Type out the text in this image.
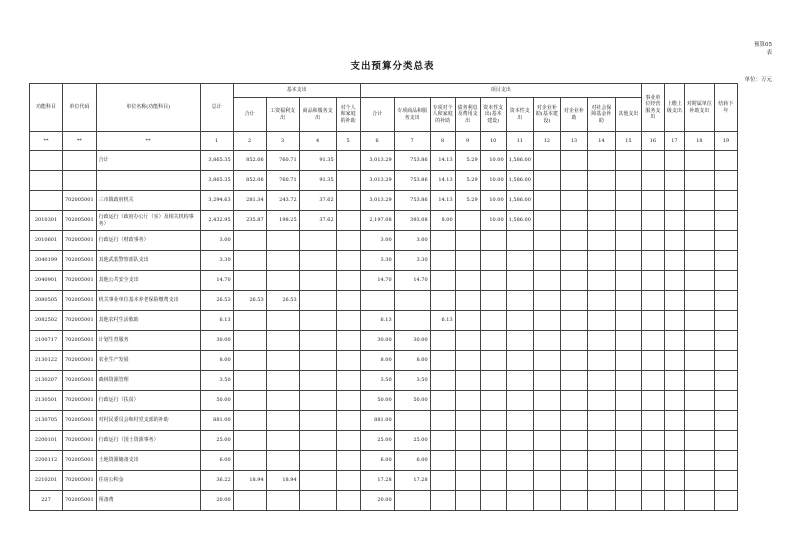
预算05
表
支出预算分类总表
单位：万元
功能科目	单位代码	单位名称(功能科目)	总计	基本支出				项目支出										事业单位经营服务支出	上缴上级支出	对附属单位补助支出	结转下年
				合计	工资福利支出	商品和服务支出	对个人和家庭的补助	合计	专项商品和服务支出	专项对个人和家庭的补助	债务利息及费用支出	资本性支出(基本建设)	资本性支出	对企业补助(基本建设)	对企业补助	对社会保障基金补助	其他支出				
**	**	**	1	2	3	4	5	6	7	8	9	10	11	12	13	14	15	16	17	18	19
		合计	3,865.35	852.06	760.71	91.35		3,013.29	753.86	14.13	5.29	10.00	1,586.00								
			3,865.35	852.06	760.71	91.35		3,013.29	753.86	14.13	5.29	10.00	1,586.00								
	702005001	三市镇政府机关	3,294.63	281.34	243.72	37.62		3,013.29	753.86	14.13	5.29	10.00	1,586.00								
2010301	702005001	行政运行（政府办公厅（室）及相关机构事务）	2,432.95	235.87	198.25	37.62		2,197.08	393.08	8.00		10.00	1,586.00								
2010601	702005001	行政运行（财政事务）	3.00					3.00	3.00												
2040199	702005001	其他武装警察部队支出	3.30					3.30	3.30												
2040901	702005001	其他公共安全支出	14.70					14.70	14.70												
2080505	702005001	机关事业单位基本养老保险缴费支出	26.53	26.53	26.53																
2082502	702005001	其他农村生活救助	6.13					6.13		6.13											
2100717	702005001	计划生育服务	30.00					30.00	30.00												
2130122	702005001	农业生产发展	8.00					8.00	8.00												
2130207	702005001	森林资源管理	3.50					3.50	3.50												
2130501	702005001	行政运行（扶贫）	50.00					50.00	50.00												
2130705	702005001	对村民委员会和村党支部的补助	881.00					881.00													
2200101	702005001	行政运行（国土资源事务）	25.00					25.00	25.00												
2200112	702005001	土地资源储备支出	6.00					6.00	6.00												
2210201	702005001	住房公积金	36.22	18.94	18.94			17.28	17.28												
227	702005001	预备费	20.00					20.00													
